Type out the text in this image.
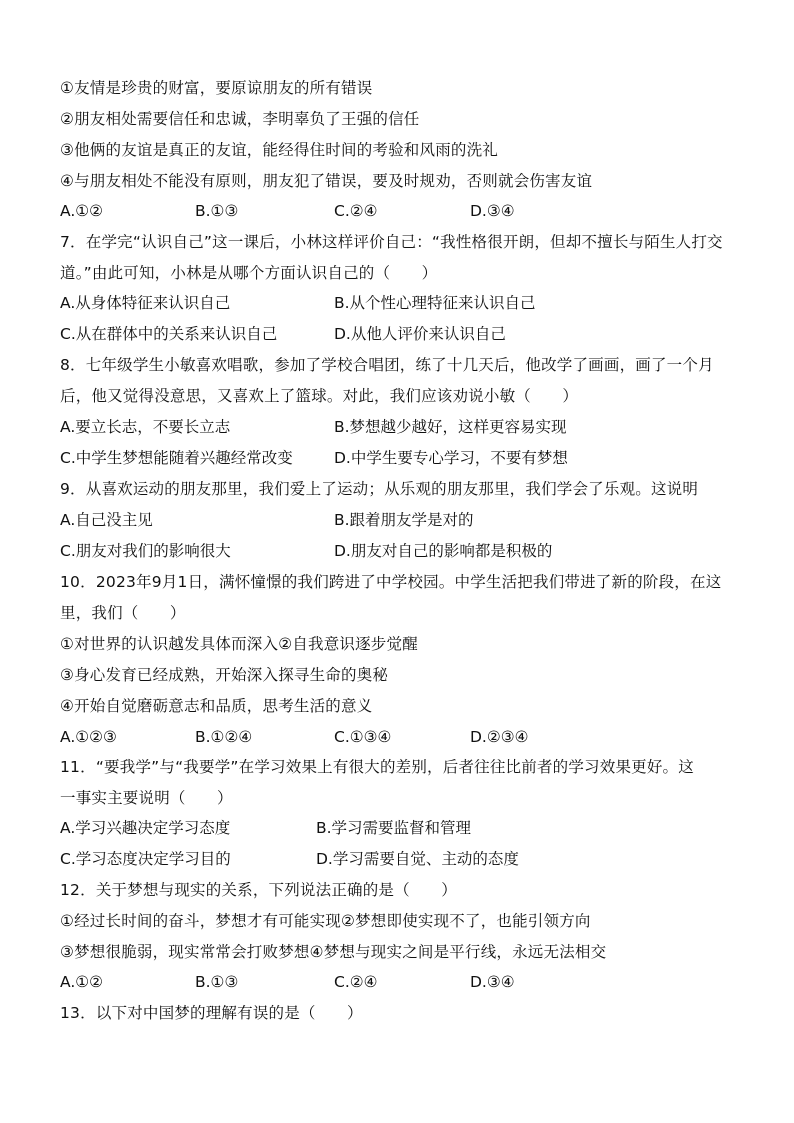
①友情是珍贵的财富，要原谅朋友的所有错误
②朋友相处需要信任和忠诚，李明辜负了王强的信任
③他俩的友谊是真正的友谊，能经得住时间的考验和风雨的洗礼
④与朋友相处不能没有原则，朋友犯了错误，要及时规劝，否则就会伤害友谊
A.①②	B.①③	C.②④	D.③④
7．在学完“认识自己”这一课后，小林这样评价自己：“我性格很开朗，但却不擅长与陌生人打交
道。”由此可知，小林是从哪个方面认识自己的（　　）
A.从身体特征来认识自己	B.从个性心理特征来认识自己
C.从在群体中的关系来认识自己	D.从他人评价来认识自己
8．七年级学生小敏喜欢唱歌，参加了学校合唱团，练了十几天后，他改学了画画，画了一个月
后，他又觉得没意思，又喜欢上了篮球。对此，我们应该劝说小敏（　　）
A.要立长志，不要长立志	B.梦想越少越好，这样更容易实现
C.中学生梦想能随着兴趣经常改变	D.中学生要专心学习，不要有梦想
9．从喜欢运动的朋友那里，我们爱上了运动；从乐观的朋友那里，我们学会了乐观。这说明
A.自己没主见	B.跟着朋友学是对的
C.朋友对我们的影响很大	D.朋友对自己的影响都是积极的
10．2023年9月1日，满怀憧憬的我们跨进了中学校园。中学生活把我们带进了新的阶段，在这
里，我们（　　）
①对世界的认识越发具体而深入②自我意识逐步觉醒
③身心发育已经成熟，开始深入探寻生命的奥秘
④开始自觉磨砺意志和品质，思考生活的意义
A.①②③	B.①②④	C.①③④	D.②③④
11．“要我学”与“我要学”在学习效果上有很大的差别，后者往往比前者的学习效果更好。这
一事实主要说明（　　）
A.学习兴趣决定学习态度	B.学习需要监督和管理
C.学习态度决定学习目的	D.学习需要自觉、主动的态度
12．关于梦想与现实的关系，下列说法正确的是（　　）
①经过长时间的奋斗，梦想才有可能实现②梦想即使实现不了，也能引领方向
③梦想很脆弱，现实常常会打败梦想④梦想与现实之间是平行线，永远无法相交
A.①②	B.①③	C.②④	D.③④
13．以下对中国梦的理解有误的是（　　）
